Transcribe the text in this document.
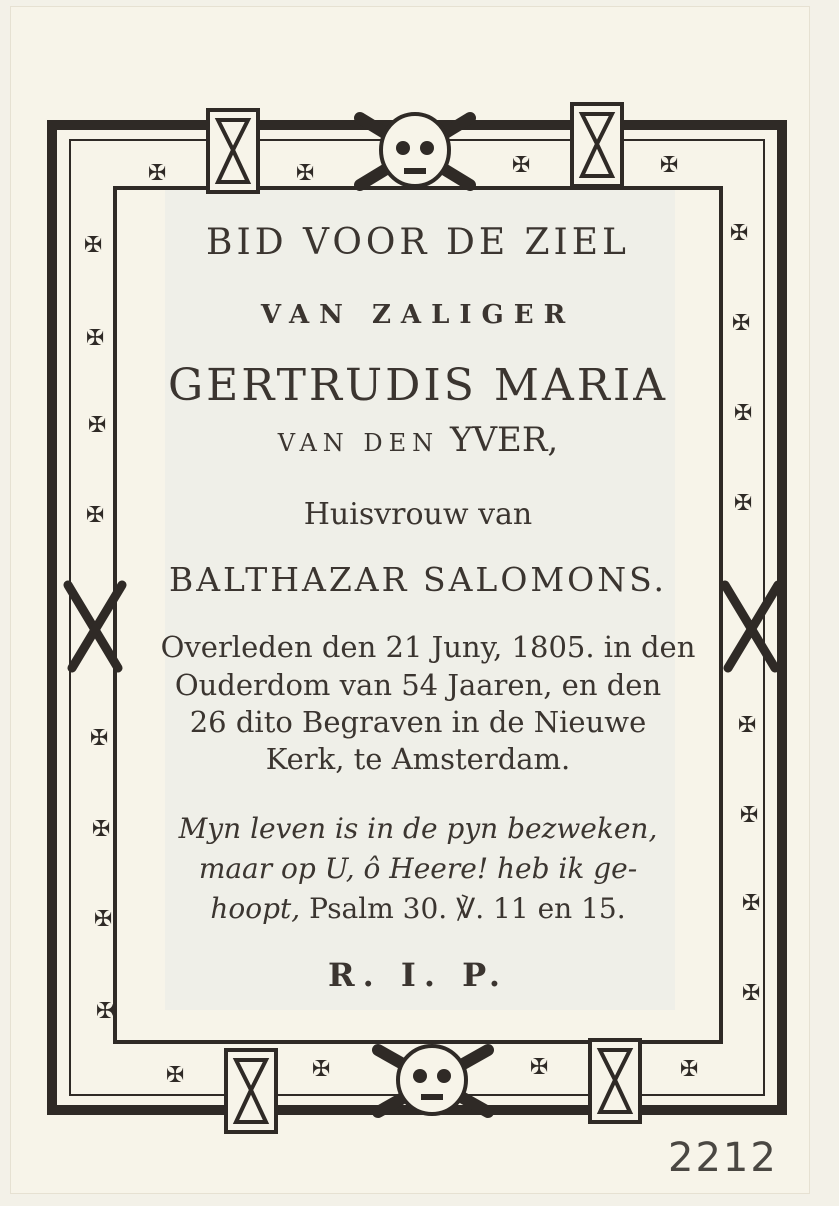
✠	✠	✠	✠
✠
✠
✠
✠
✠
✠
✠
✠
✠
✠
✠
✠
✠
✠
✠
✠
✠	✠	✠	✠
BID VOOR DE ZIEL
VAN ZALIGER
GERTRUDIS MARIA
VAN DEN YVER,
Huisvrouw van
BALTHAZAR SALOMONS.
Overleden den 21 Juny, 1805. in den
Ouderdom van 54 Jaaren, en den
26 dito Begraven in de Nieuwe
Kerk, te Amsterdam.
Myn leven is in de pyn bezweken,
maar op U, ô Heere! heb ik ge-
hoopt, Psalm 30. ℣. 11 en 15.
R. I. P.
2212
